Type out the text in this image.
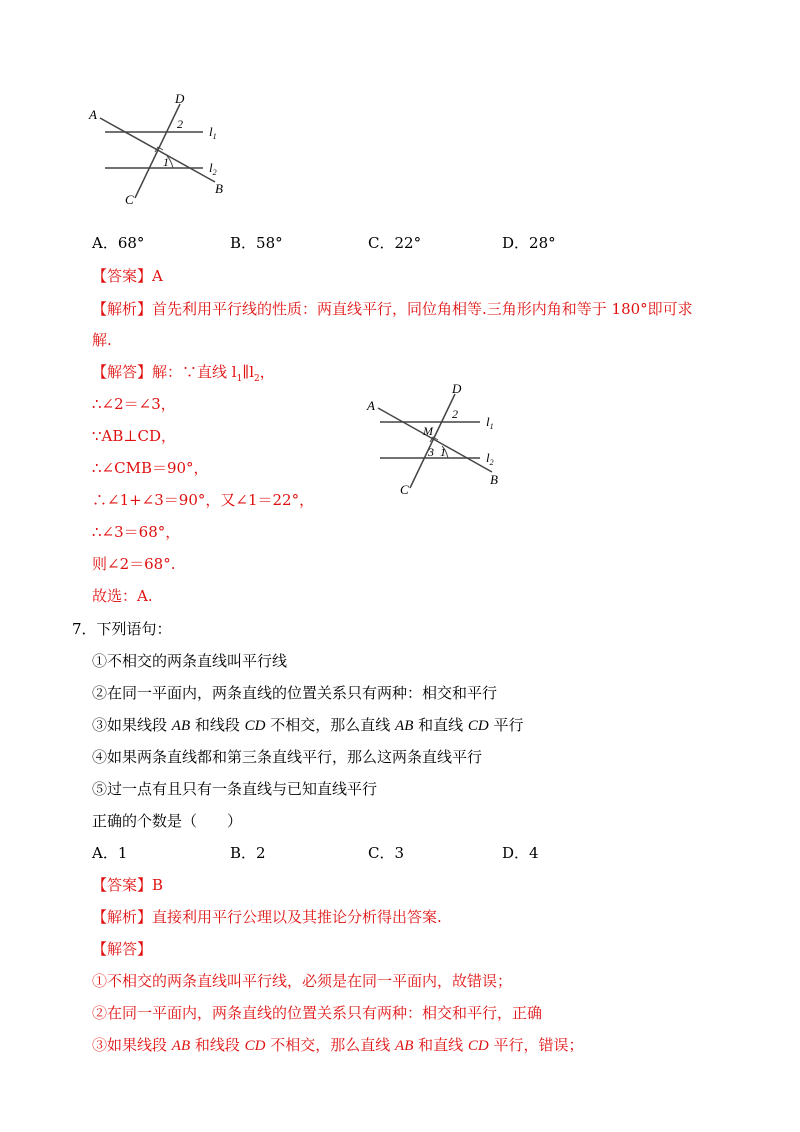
A
D
2 $l_1$
1	$l_2$
B
C
A．68°	B．58°	C．22°	D．28°
【答案】A
【解析】首先利用平行线的性质：两直线平行，同位角相等.三角形内角和等于 180°即可求
解.
【解答】解：∵直线 $l_1\parallel l_2$，
∴∠2＝∠3，
∵AB⊥CD，
∴∠CMB＝90°，
∴∠1+∠3＝90°，又∠1＝22°，
∴∠3＝68°，
则∠2＝68°.
故选：A.
A
D
2 $l_1$
M
3 1	$l_2$
B
C
7．下列语句：
①不相交的两条直线叫平行线
②在同一平面内，两条直线的位置关系只有两种：相交和平行
③如果线段 AB 和线段 CD 不相交，那么直线 AB 和直线 CD 平行
④如果两条直线都和第三条直线平行，那么这两条直线平行
⑤过一点有且只有一条直线与已知直线平行
正确的个数是（　　）
A．1	B．2	C．3	D．4
【答案】B
【解析】直接利用平行公理以及其推论分析得出答案.
【解答】
①不相交的两条直线叫平行线，必须是在同一平面内，故错误；
②在同一平面内，两条直线的位置关系只有两种：相交和平行，正确
③如果线段 AB 和线段 CD 不相交，那么直线 AB 和直线 CD 平行，错误；
